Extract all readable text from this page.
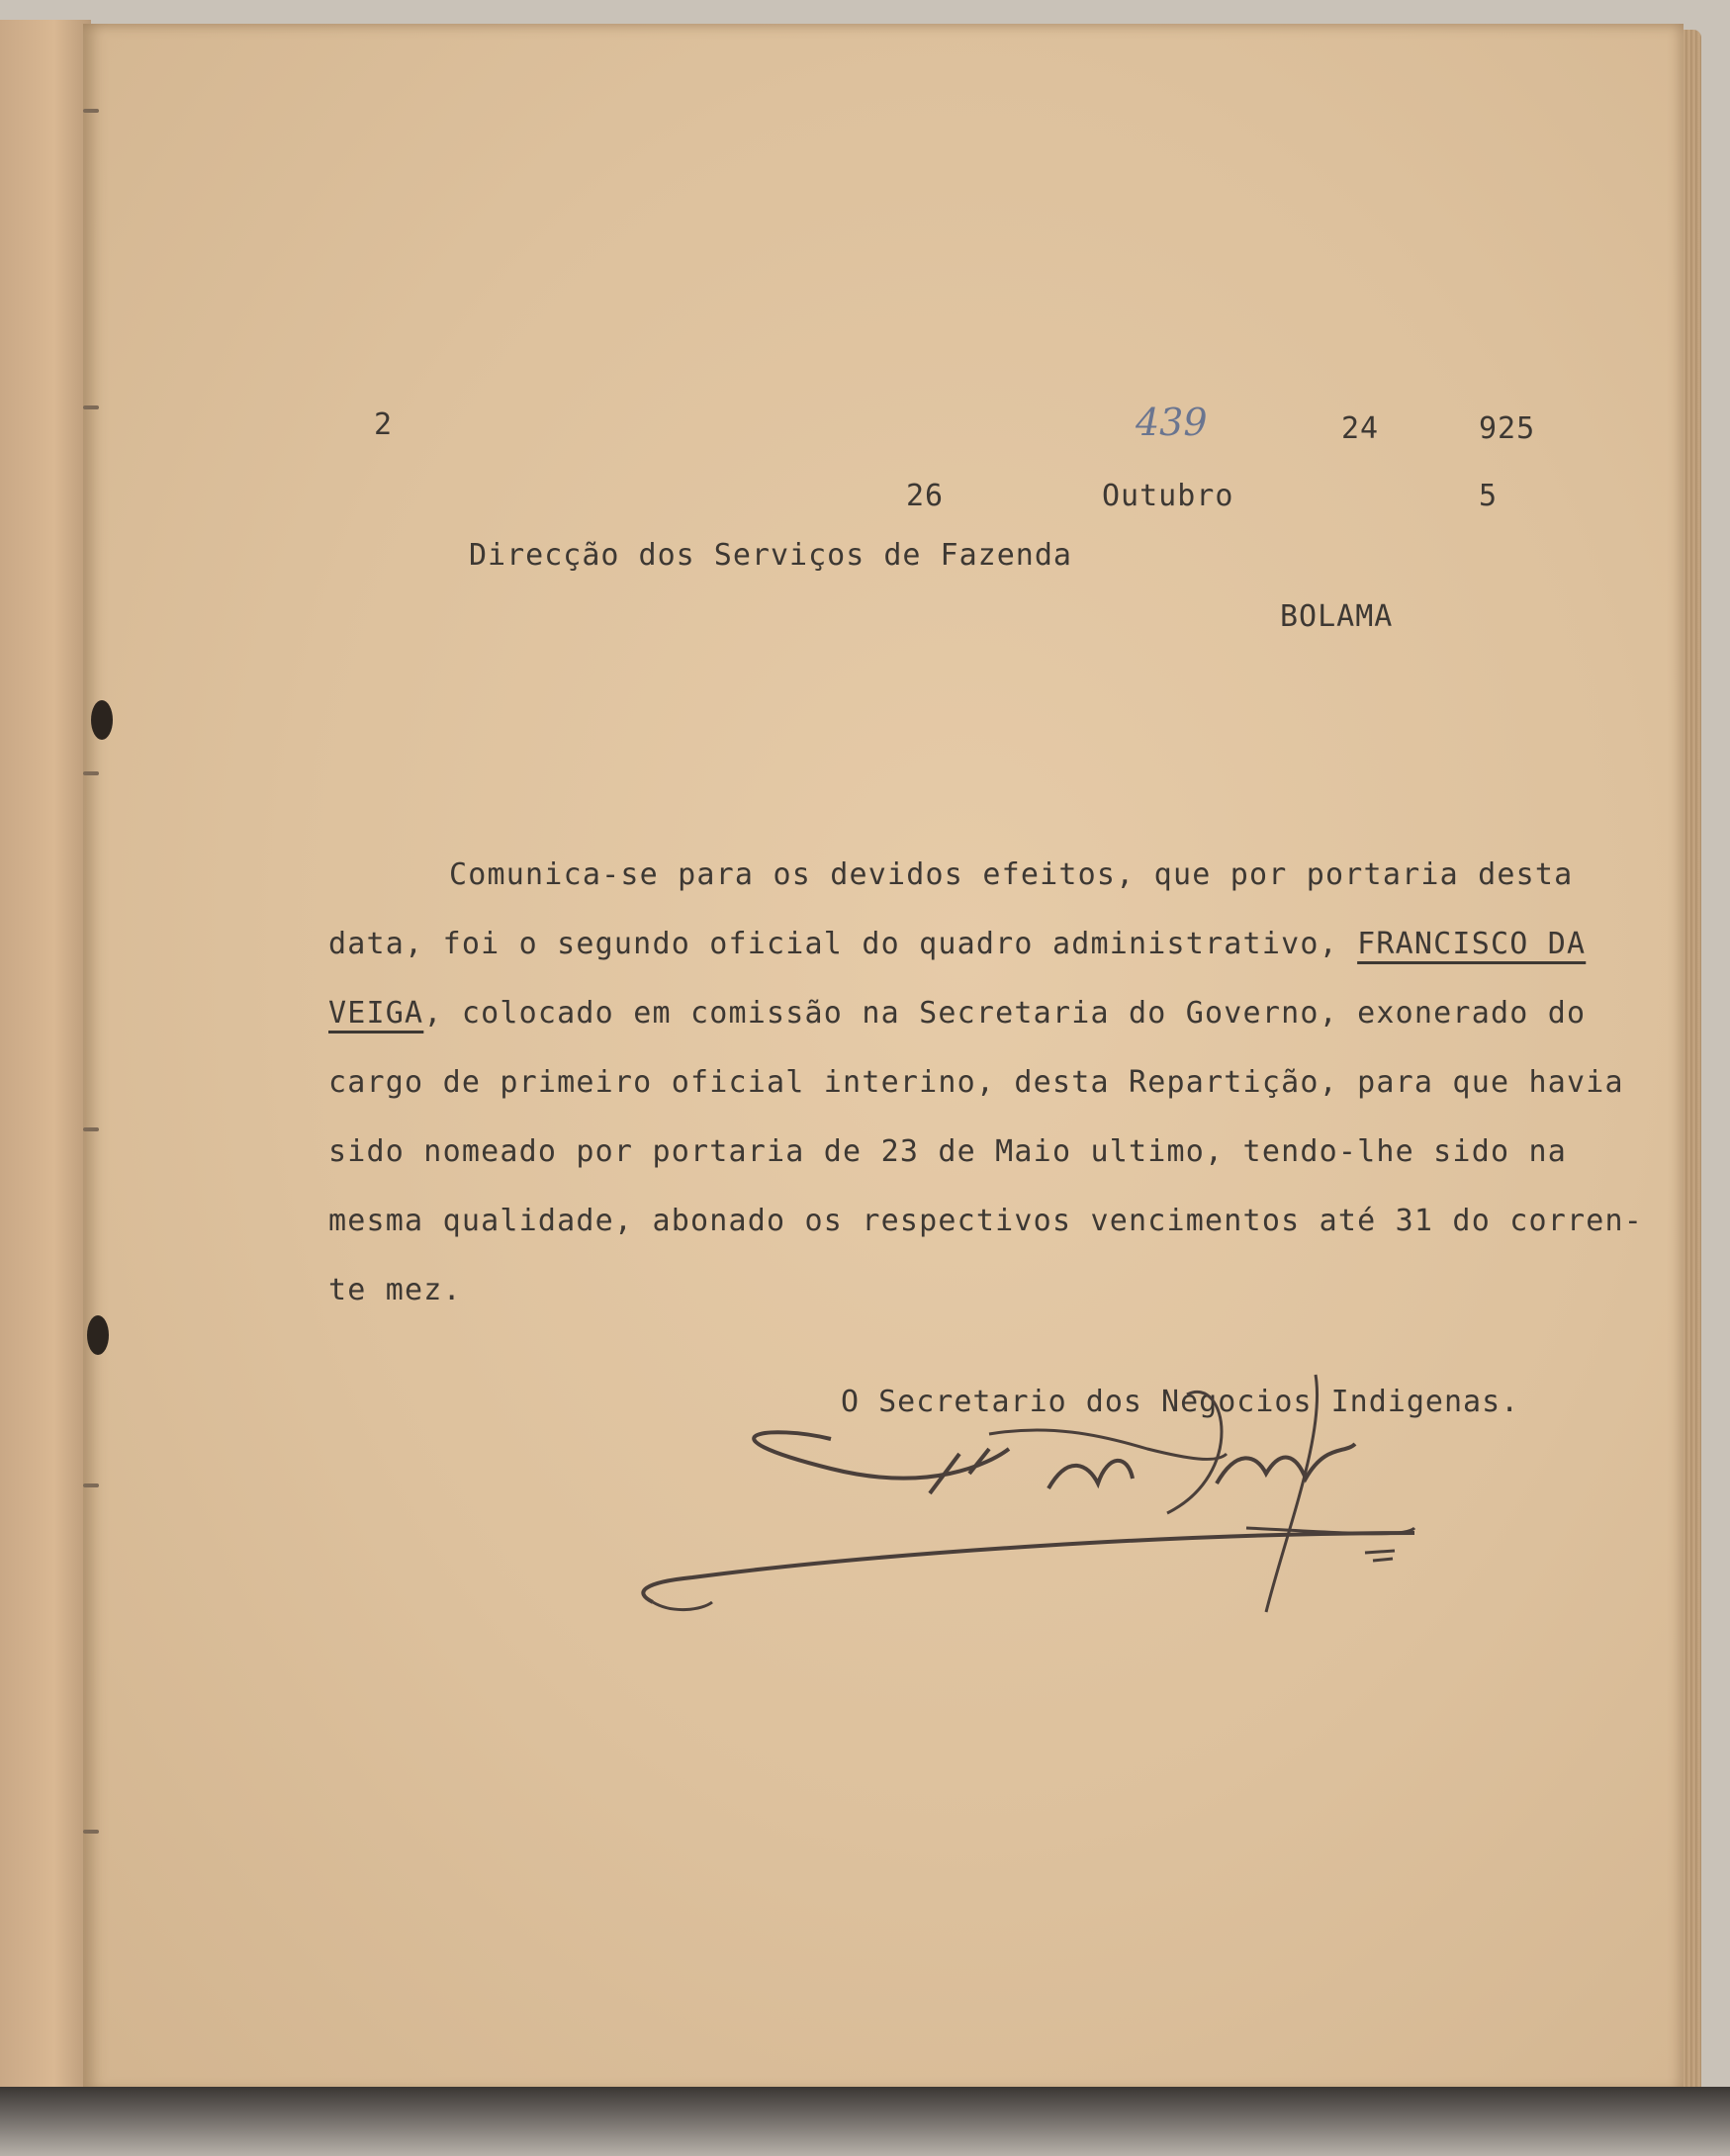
2	439	24	925

26	Outubro	5

Direcção dos Serviços de Fazenda

BOLAMA

Comunica-se para os devidos efeitos, que por portaria desta
data, foi o segundo oficial do quadro administrativo, FRANCISCO DA
VEIGA, colocado em comissão na Secretaria do Governo, exonerado do
cargo de primeiro oficial interino, desta Repartição, para que havia
sido nomeado por portaria de 23 de Maio ultimo, tendo-lhe sido na
mesma qualidade, abonado os respectivos vencimentos até 31 do corren-
te mez.

O Secretario dos Negocios Indigenas.
